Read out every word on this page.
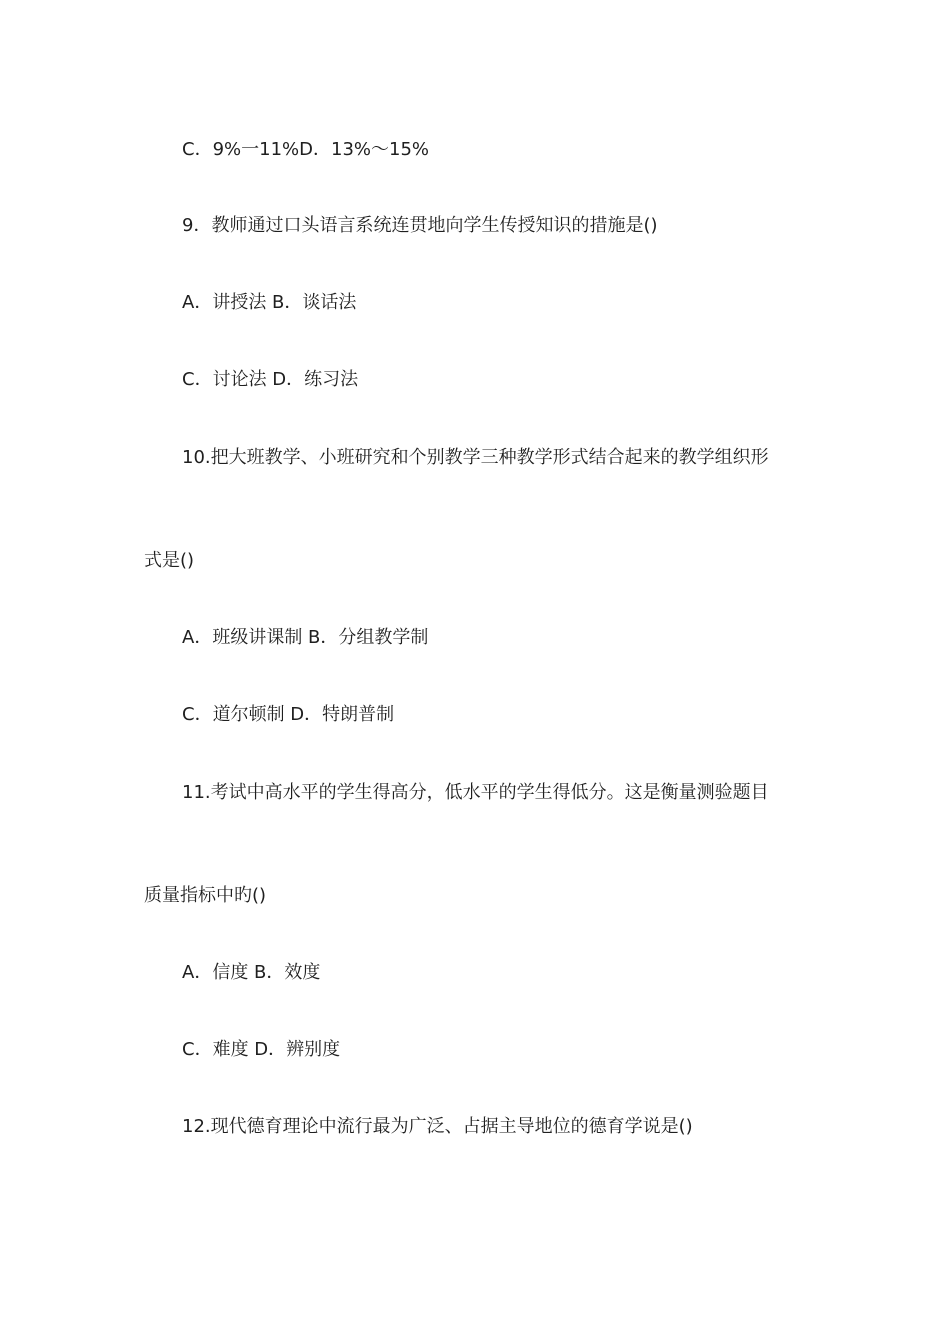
C．9%一11%D．13%～15%
9．教师通过口头语言系统连贯地向学生传授知识的措施是()
A．讲授法 B．谈话法
C．讨论法 D．练习法
10.把大班教学、小班研究和个别教学三种教学形式结合起来的教学组织形
式是()
A．班级讲课制 B．分组教学制
C．道尔顿制 D．特朗普制
11.考试中高水平的学生得高分，低水平的学生得低分。这是衡量测验题目
质量指标中旳()
A．信度 B．效度
C．难度 D．辨别度
12.现代德育理论中流行最为广泛、占据主导地位的德育学说是()
